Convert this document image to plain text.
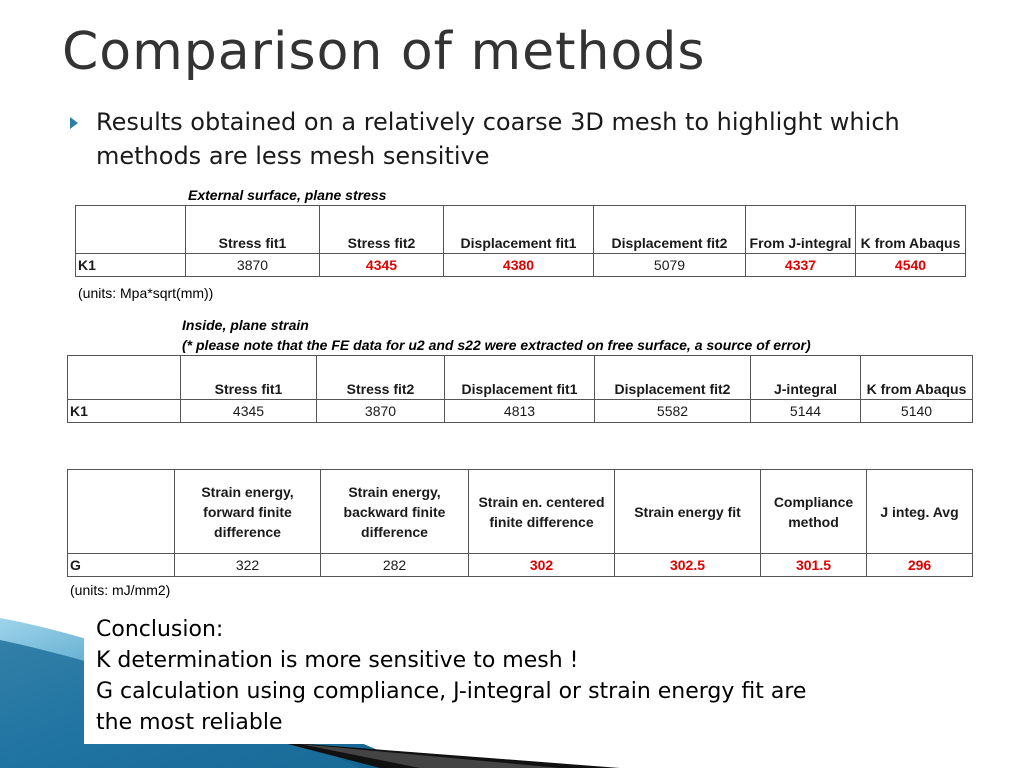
Comparison of methods
Results obtained on a relatively coarse 3D mesh to highlight which methods are less mesh sensitive
External surface, plane stress
	Stress fit1	Stress fit2	Displacement fit1	Displacement fit2	From J-integral	K from Abaqus
K1	3870	4345	4380	5079	4337	4540
(units: Mpa*sqrt(mm))
Inside, plane strain
(* please note that the FE data for u2 and s22 were extracted on free surface, a source of error)
	Stress fit1	Stress fit2	Displacement fit1	Displacement fit2	J-integral	K from Abaqus
K1	4345	3870	4813	5582	5144	5140
	Strain energy, forward finite difference	Strain energy, backward finite difference	Strain en. centered finite difference	Strain energy fit	Compliance method	J integ. Avg
G	322	282	302	302.5	301.5	296
(units: mJ/mm2)
Conclusion:
K determination is more sensitive to mesh !
G calculation using compliance, J-integral or strain energy fit are
the most reliable
